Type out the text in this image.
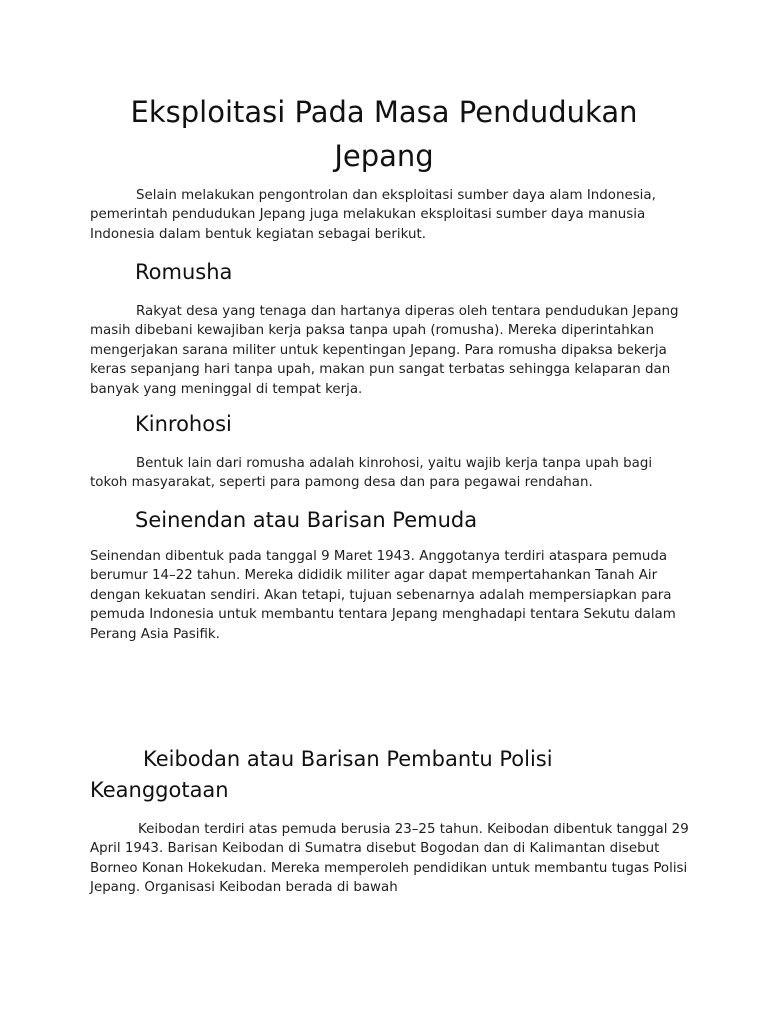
Eksploitasi Pada Masa Pendudukan Jepang

Selain melakukan pengontrolan dan eksploitasi sumber daya alam Indonesia, pemerintah pendudukan Jepang juga melakukan eksploitasi sumber daya manusia Indonesia dalam bentuk kegiatan sebagai berikut.

Romusha

Rakyat desa yang tenaga dan hartanya diperas oleh tentara pendudukan Jepang masih dibebani kewajiban kerja paksa tanpa upah (romusha). Mereka diperintahkan mengerjakan sarana militer untuk kepentingan Jepang. Para romusha dipaksa bekerja keras sepanjang hari tanpa upah, makan pun sangat terbatas sehingga kelaparan dan banyak yang meninggal di tempat kerja.

Kinrohosi

Bentuk lain dari romusha adalah kinrohosi, yaitu wajib kerja tanpa upah bagi tokoh masyarakat, seperti para pamong desa dan para pegawai rendahan.

Seinendan atau Barisan Pemuda

Seinendan dibentuk pada tanggal 9 Maret 1943. Anggotanya terdiri ataspara pemuda berumur 14–22 tahun. Mereka dididik militer agar dapat mempertahankan Tanah Air dengan kekuatan sendiri. Akan tetapi, tujuan sebenarnya adalah mempersiapkan para pemuda Indonesia untuk membantu tentara Jepang menghadapi tentara Sekutu dalam Perang Asia Pasifik.

Keibodan atau Barisan Pembantu Polisi Keanggotaan

Keibodan terdiri atas pemuda berusia 23–25 tahun. Keibodan dibentuk tanggal 29 April 1943. Barisan Keibodan di Sumatra disebut Bogodan dan di Kalimantan disebut Borneo Konan Hokekudan. Mereka memperoleh pendidikan untuk membantu tugas Polisi Jepang. Organisasi Keibodan berada di bawah
